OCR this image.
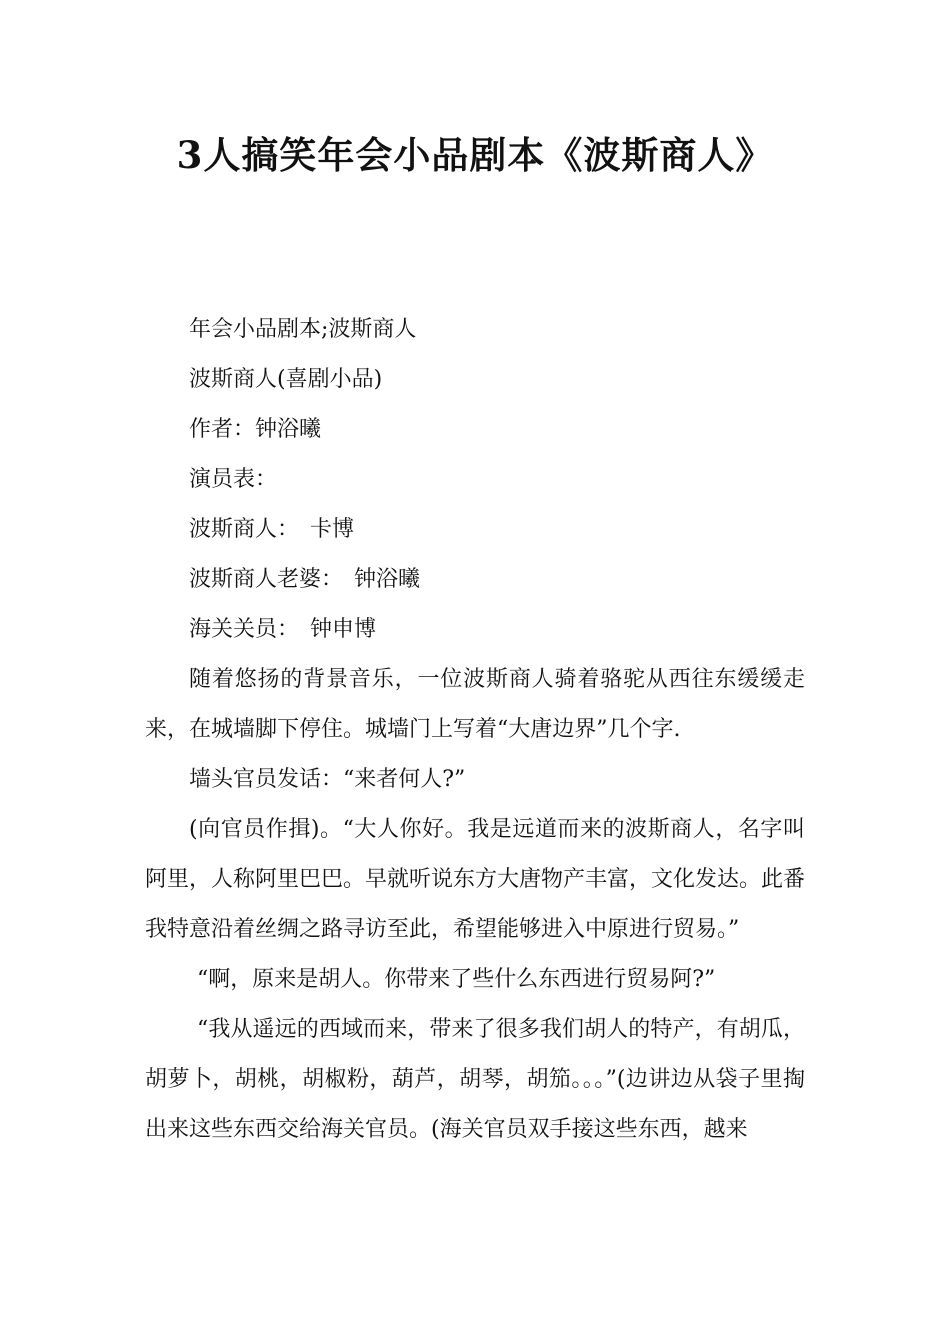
3人搞笑年会小品剧本《波斯商人》

年会小品剧本;波斯商人

波斯商人(喜剧小品)

作者：钟浴曦

演员表：

波斯商人：　卡博

波斯商人老婆：　钟浴曦

海关关员：　钟申博

随着悠扬的背景音乐，一位波斯商人骑着骆驼从西往东缓缓走来，在城墙脚下停住。城墙门上写着“大唐边界”几个字.

墙头官员发话：“来者何人?”

(向官员作揖)。“大人你好。我是远道而来的波斯商人，名字叫阿里，人称阿里巴巴。早就听说东方大唐物产丰富，文化发达。此番我特意沿着丝绸之路寻访至此，希望能够进入中原进行贸易。”

“啊，原来是胡人。你带来了些什么东西进行贸易阿?”

“我从遥远的西域而来，带来了很多我们胡人的特产，有胡瓜，胡萝卜，胡桃，胡椒粉，葫芦，胡琴，胡笳。。。”(边讲边从袋子里掏出来这些东西交给海关官员。(海关官员双手接这些东西，越来
